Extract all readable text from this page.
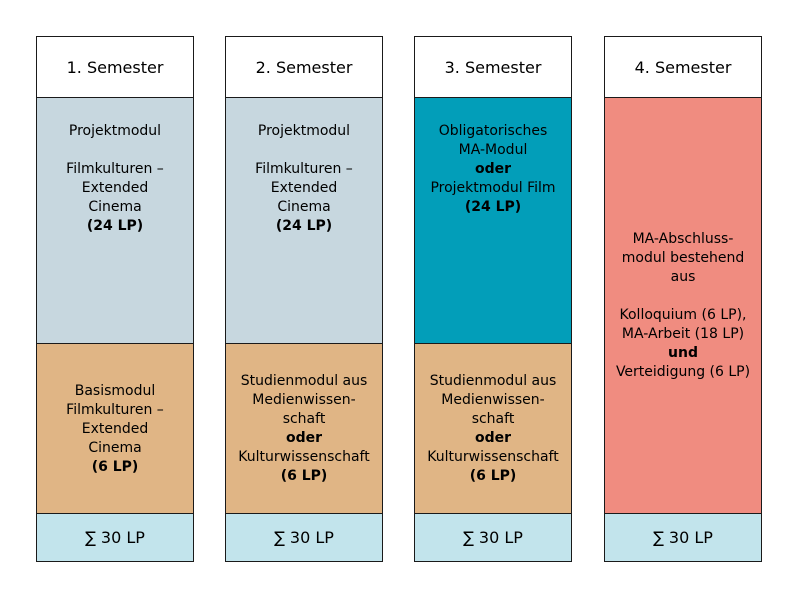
1. Semester
Projektmodul
Filmkulturen –
Extended
Cinema
(24 LP)
Basismodul
Filmkulturen –
Extended
Cinema
(6 LP)
∑ 30 LP
2. Semester
Projektmodul
Filmkulturen –
Extended
Cinema
(24 LP)
Studienmodul aus
Medienwissen-
schaft
oder
Kulturwissenschaft
(6 LP)
∑ 30 LP
3. Semester
Obligatorisches
MA-Modul
oder
Projektmodul Film
(24 LP)
Studienmodul aus
Medienwissen-
schaft
oder
Kulturwissenschaft
(6 LP)
∑ 30 LP
4. Semester
MA-Abschluss-
modul bestehend
aus
Kolloquium (6 LP),
MA-Arbeit (18 LP)
und
Verteidigung (6 LP)
∑ 30 LP
